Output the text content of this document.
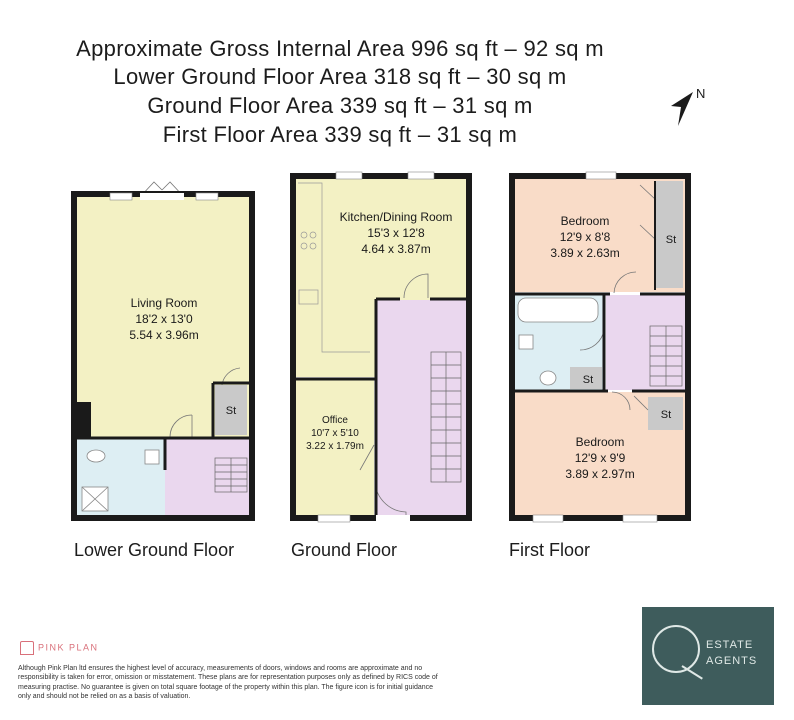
Approximate Gross Internal Area 996 sq ft – 92 sq m
Lower Ground Floor Area 318 sq ft – 30 sq m
Ground Floor Area 339 sq ft – 31 sq m
First Floor Area 339 sq ft – 31 sq m
N
Living Room
18'2 x 13'0
5.54 x 3.96m
St
Kitchen/Dining Room
15'3 x 12'8
4.64 x 3.87m
Office
10'7 x 5'10
3.22 x 1.79m
Bedroom
12'9 x 8'8
3.89 x 2.63m
St
St
St
Bedroom
12'9 x 9'9
3.89 x 2.97m
Lower Ground Floor	Ground Floor	First Floor
PINK PLAN
Although Pink Plan ltd ensures the highest level of accuracy, measurements of doors, windows and rooms are approximate and no responsibility is taken for error, omission or misstatement. These plans are for representation purposes only as defined by RICS code of measuring practise. No guarantee is given on total square footage of the property within this plan. The figure icon is for initial guidance only and should not be relied on as a basis of valuation.
ESTATE
AGENTS
